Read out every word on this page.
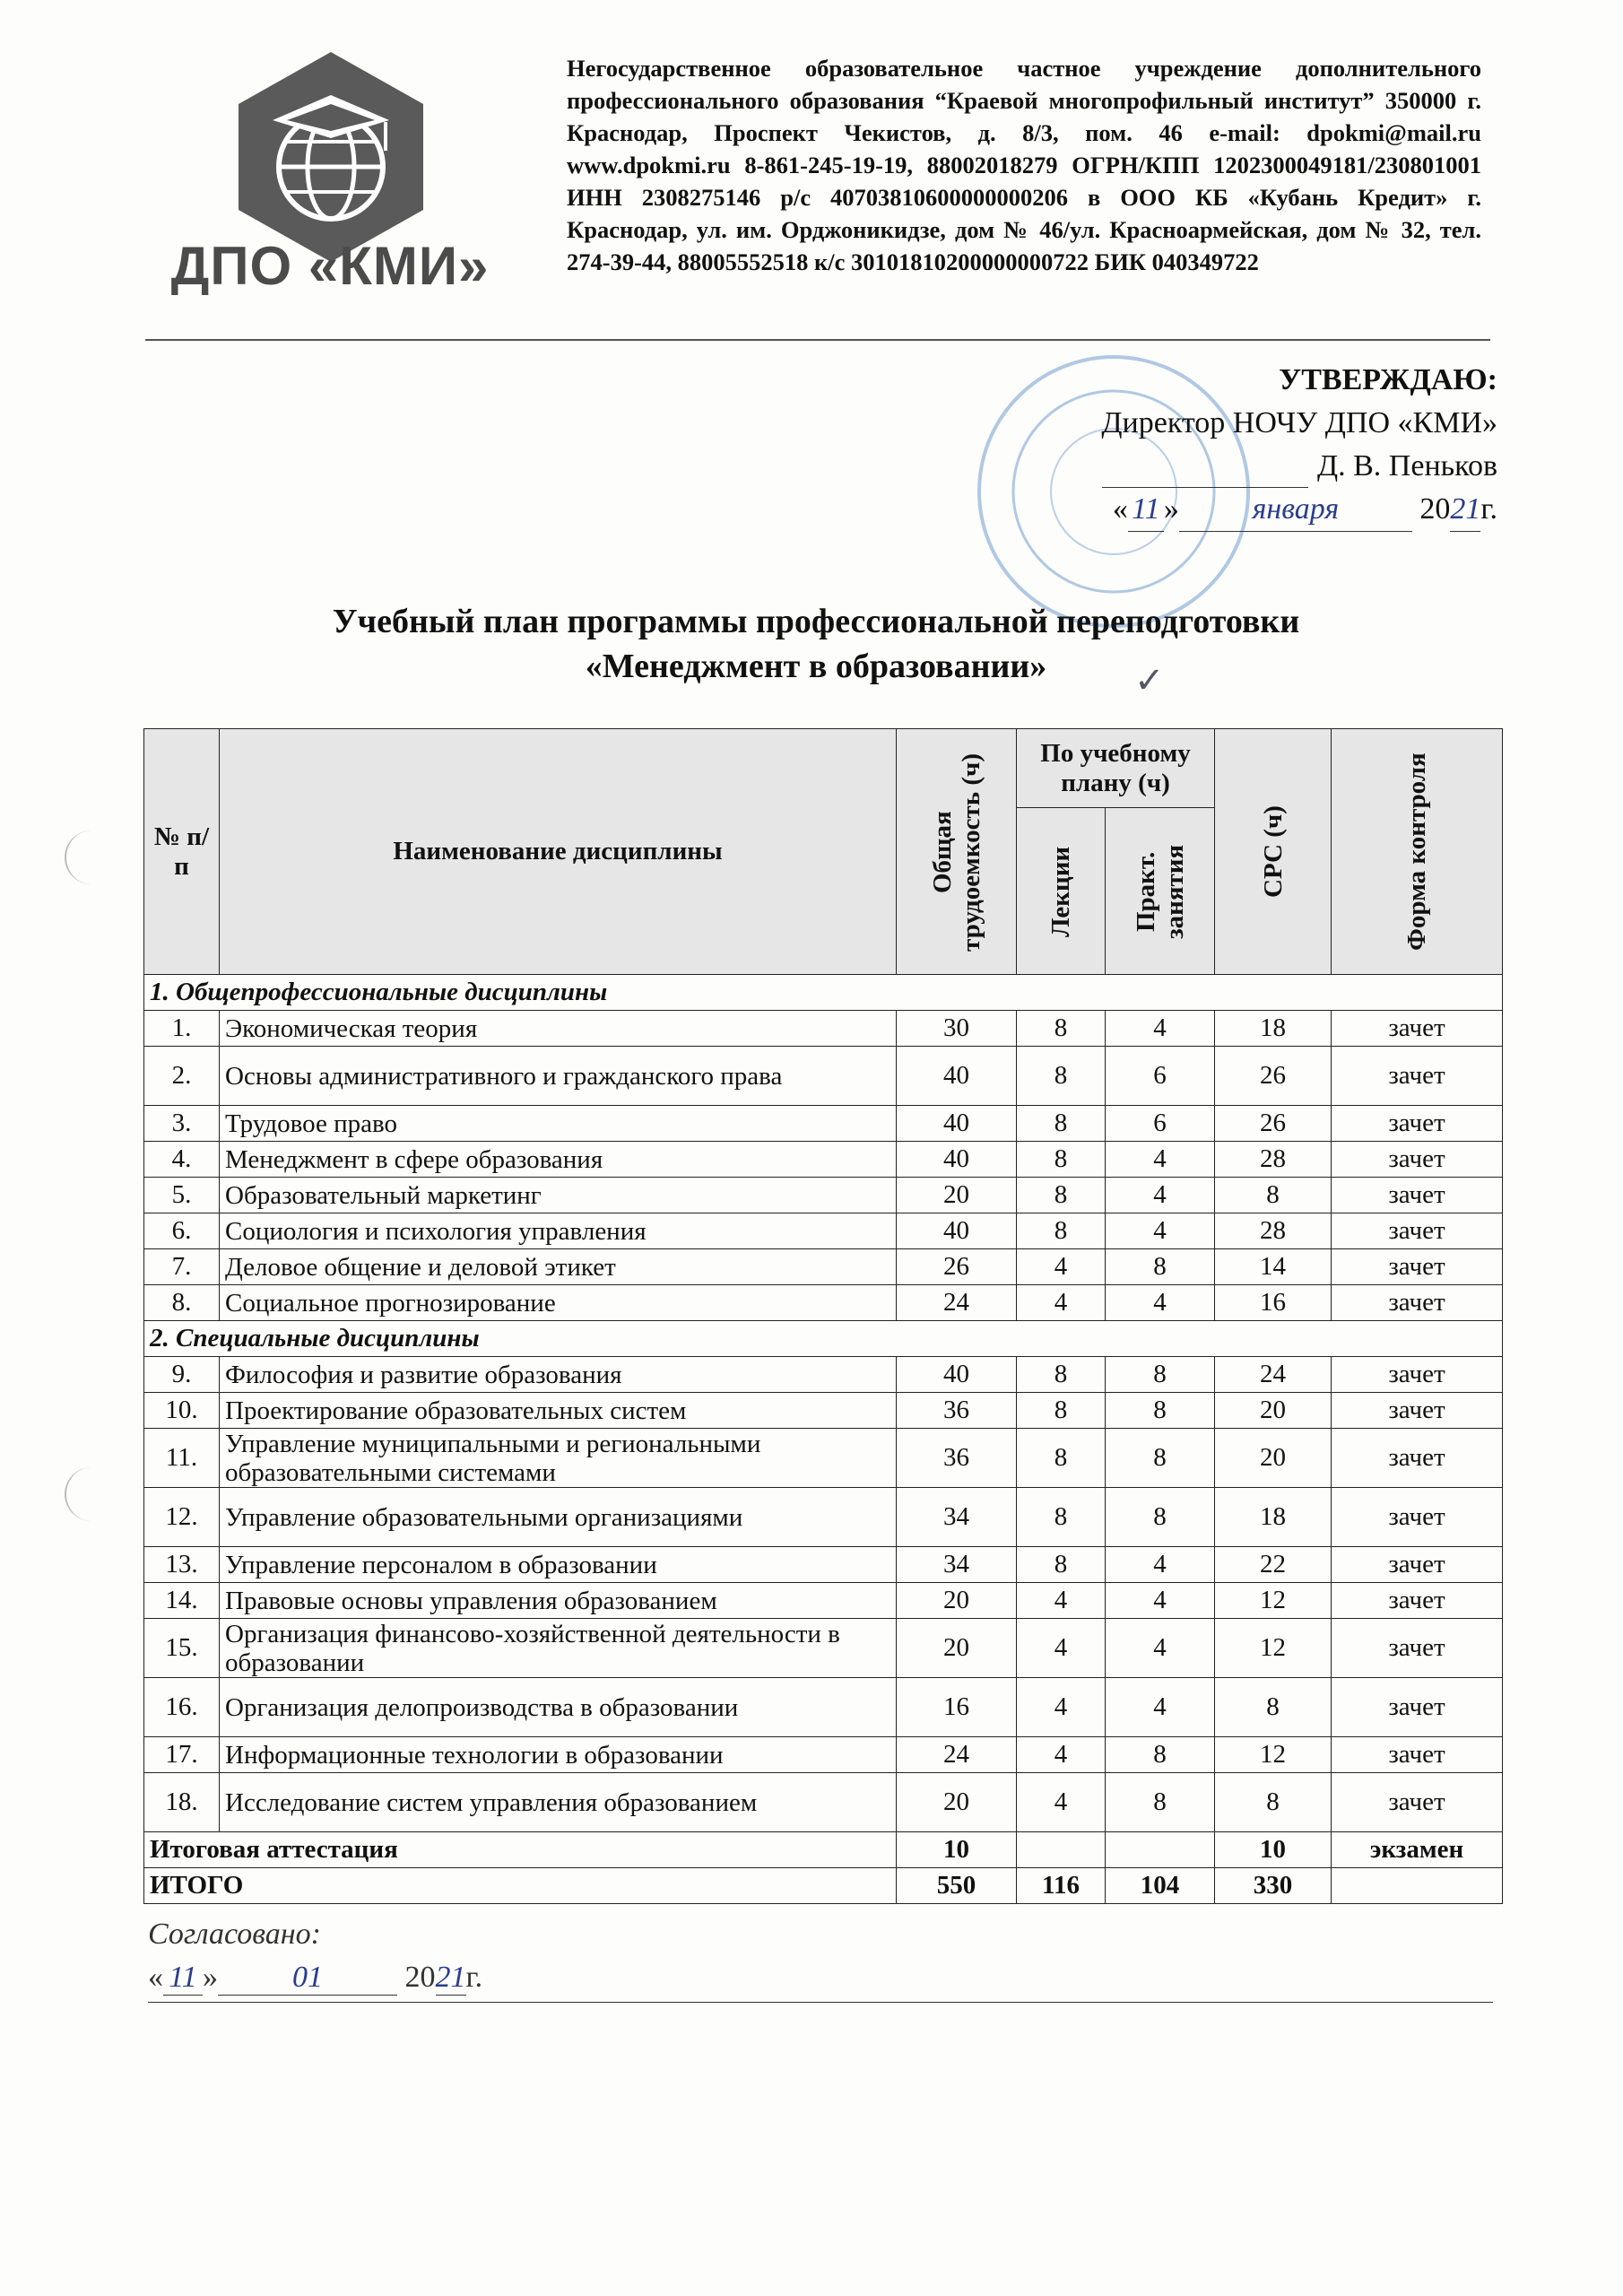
ДПО «КМИ»
Негосударственное образовательное частное учреждение дополнительного профессионального образования “Краевой многопрофильный институт” 350000 г. Краснодар, Проспект Чекистов, д. 8/3, пом. 46 e-mail: dpokmi@mail.ru www.dpokmi.ru 8-861-245-19-19, 88002018279 ОГРН/КПП 1202300049181/230801001 ИНН 2308275146 р/с 40703810600000000206 в ООО КБ «Кубань Кредит» г. Краснодар, ул. им. Орджоникидзе, дом № 46/ул. Красноармейская, дом № 32, тел. 274-39-44, 88005552518 к/с 30101810200000000722 БИК 040349722
УТВЕРЖДАЮ:
Директор НОЧУ ДПО «КМИ»
Д. В. Пеньков
« 11 » января	2021г.
Учебный план программы профессиональной переподготовки
«Менеджмент в образовании»	✓
№ п/п	Наименование дисциплины	Общая трудоемкость (ч)	По учебному плану (ч)		СРС (ч)	Форма контроля

			Лекции	Практ. занятия		

1. Общепрофессиональные дисциплины						
1.	Экономическая теория	30	8	4	18	зачет
2.	Основы административного и гражданского права	40	8	6	26	зачет
3.	Трудовое право	40	8	6	26	зачет
4.	Менеджмент в сфере образования	40	8	4	28	зачет
5.	Образовательный маркетинг	20	8	4	8	зачет
6.	Социология и психология управления	40	8	4	28	зачет
7.	Деловое общение и деловой этикет	26	4	8	14	зачет
8.	Социальное прогнозирование	24	4	4	16	зачет
2. Специальные дисциплины						
9.	Философия и развитие образования	40	8	8	24	зачет
10.	Проектирование образовательных систем	36	8	8	20	зачет
11.	Управление муниципальными и региональными образовательными системами	36	8	8	20	зачет
12.	Управление образовательными организациями	34	8	8	18	зачет
13.	Управление персоналом в образовании	34	8	4	22	зачет
14.	Правовые основы управления образованием	20	4	4	12	зачет
15.	Организация финансово-хозяйственной деятельности в образовании	20	4	4	12	зачет
16.	Организация делопроизводства в образовании	16	4	4	8	зачет
17.	Информационные технологии в образовании	24	4	8	12	зачет
18.	Исследование систем управления образованием	20	4	8	8	зачет
Итоговая аттестация		10			10	экзамен
ИТОГО		550	116	104	330	
Согласовано:
« 11 » 01	2021г.
